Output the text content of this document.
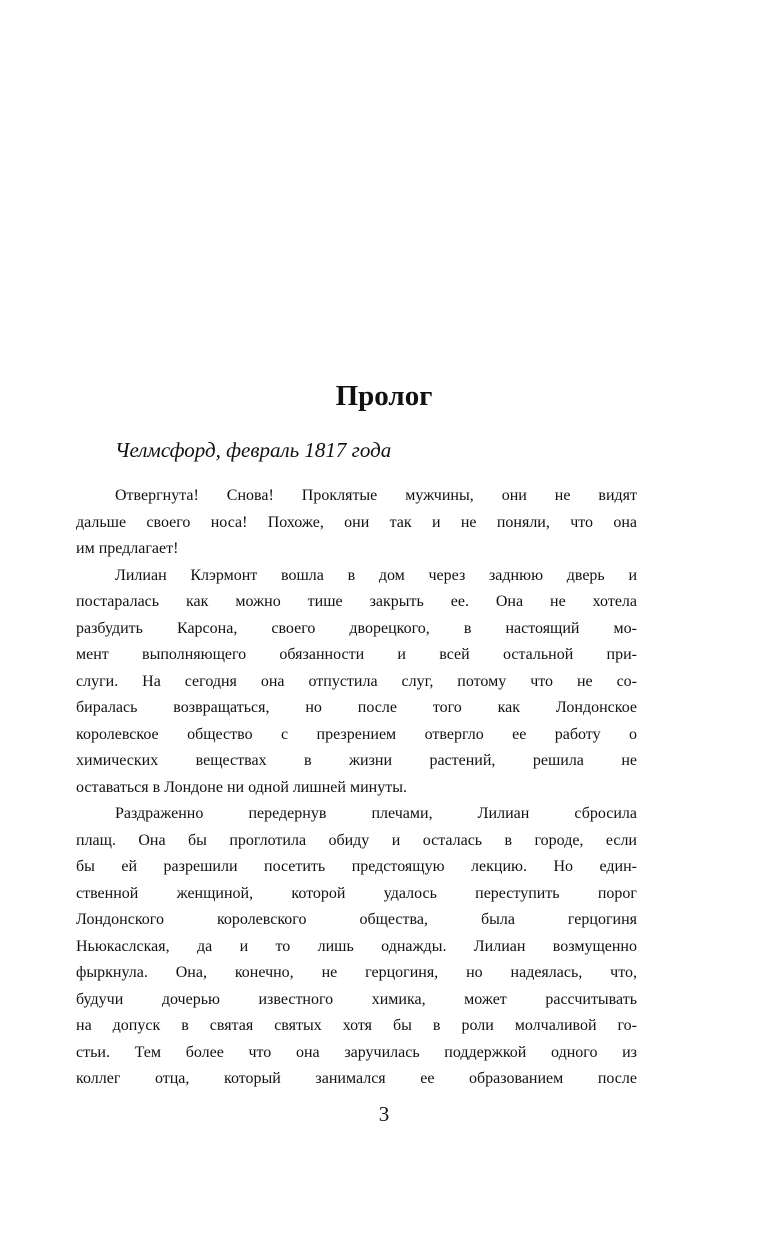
Пролог
Челмсфорд, февраль 1817 года
Отвергнута! Снова! Проклятые мужчины, они не видят
дальше своего носа! Похоже, они так и не поняли, что она
им предлагает!
Лилиан Клэрмонт вошла в дом через заднюю дверь и
постаралась как можно тише закрыть ее. Она не хотела
разбудить Карсона, своего дворецкого, в настоящий мо-
мент выполняющего обязанности и всей остальной при-
слуги. На сегодня она отпустила слуг, потому что не со-
биралась возвращаться, но после того как Лондонское
королевское общество с презрением отвергло ее работу о
химических веществах в жизни растений, решила не
оставаться в Лондоне ни одной лишней минуты.
Раздраженно передернув плечами, Лилиан сбросила
плащ. Она бы проглотила обиду и осталась в городе, если
бы ей разрешили посетить предстоящую лекцию. Но един-
ственной женщиной, которой удалось переступить порог
Лондонского королевского общества, была герцогиня
Ньюкаслская, да и то лишь однажды. Лилиан возмущенно
фыркнула. Она, конечно, не герцогиня, но надеялась, что,
будучи дочерью известного химика, может рассчитывать
на допуск в святая святых хотя бы в роли молчаливой го-
стьи. Тем более что она заручилась поддержкой одного из
коллег отца, который занимался ее образованием после
3
